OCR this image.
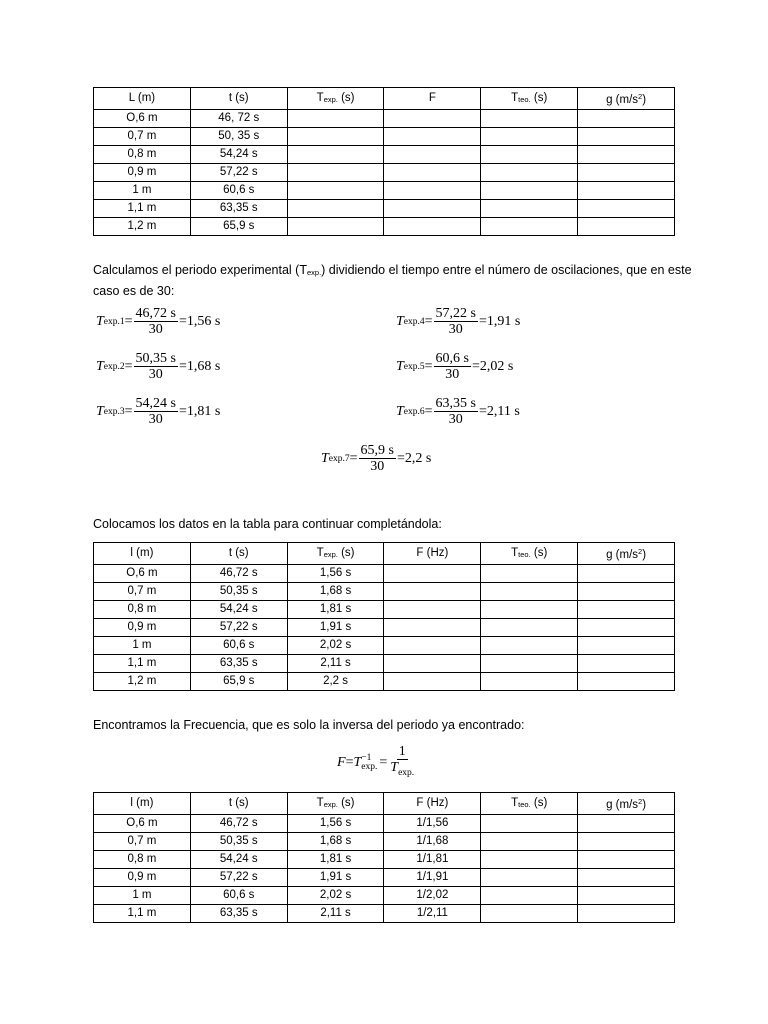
L (m)	t (s)	Texp. (s)	F	Tteo. (s)	g $(m/s^2)$
O,6 m	46, 72 s				
0,7 m	50, 35 s				
0,8 m	54,24 s				
0,9 m	57,22 s				
1 m	60,6 s				
1,1 m	63,35 s				
1,2 m	65,9 s				

Calculamos el periodo experimental (Texp.) dividiendo el tiempo entre el número de oscilaciones, que en este caso es de 30:

T $\exp.1 = \frac{46,72 s}{30} = 1,56$ s
T $\exp.2 = \frac{50,35 s}{30} = 1,68$ s
T $\exp.3 = \frac{54,24 s}{30} = 1,81$ s
T $\exp.4 = \frac{57,22 s}{30} = 1,91$ s
T $\exp.5 = \frac{60,6 s}{30} = 2,02$ s
T $\exp.6 = \frac{63,35 s}{30} = 2,11$ s
T $\exp.7 = \frac{65,9 s}{30} = 2,2$ s

Colocamos los datos en la tabla para continuar completándola:

l (m)	t (s)	Texp. (s)	F (Hz)	Tteo. (s)	g $(m/s^2)$
O,6 m	46,72 s	1,56 s			
0,7 m	50,35 s	1,68 s			
0,8 m	54,24 s	1,81 s			
0,9 m	57,22 s	1,91 s			
1 m	60,6 s	2,02 s			
1,1 m	63,35 s	2,11 s			
1,2 m	65,9 s	2,2 s			

Encontramos la Frecuencia, que es solo la inversa del periodo ya encontrado:

F = T −1
exp. = $\frac{1}{T_{exp.}}$
l (m)	t (s)	Texp. (s)	F (Hz)	Tteo. (s)	g $(m/s^2)$
O,6 m	46,72 s	1,56 s	1/1,56		
0,7 m	50,35 s	1,68 s	1/1,68		
0,8 m	54,24 s	1,81 s	1/1,81		
0,9 m	57,22 s	1,91 s	1/1,91		
1 m	60,6 s	2,02 s	1/2,02		
1,1 m	63,35 s	2,11 s	1/2,11		
